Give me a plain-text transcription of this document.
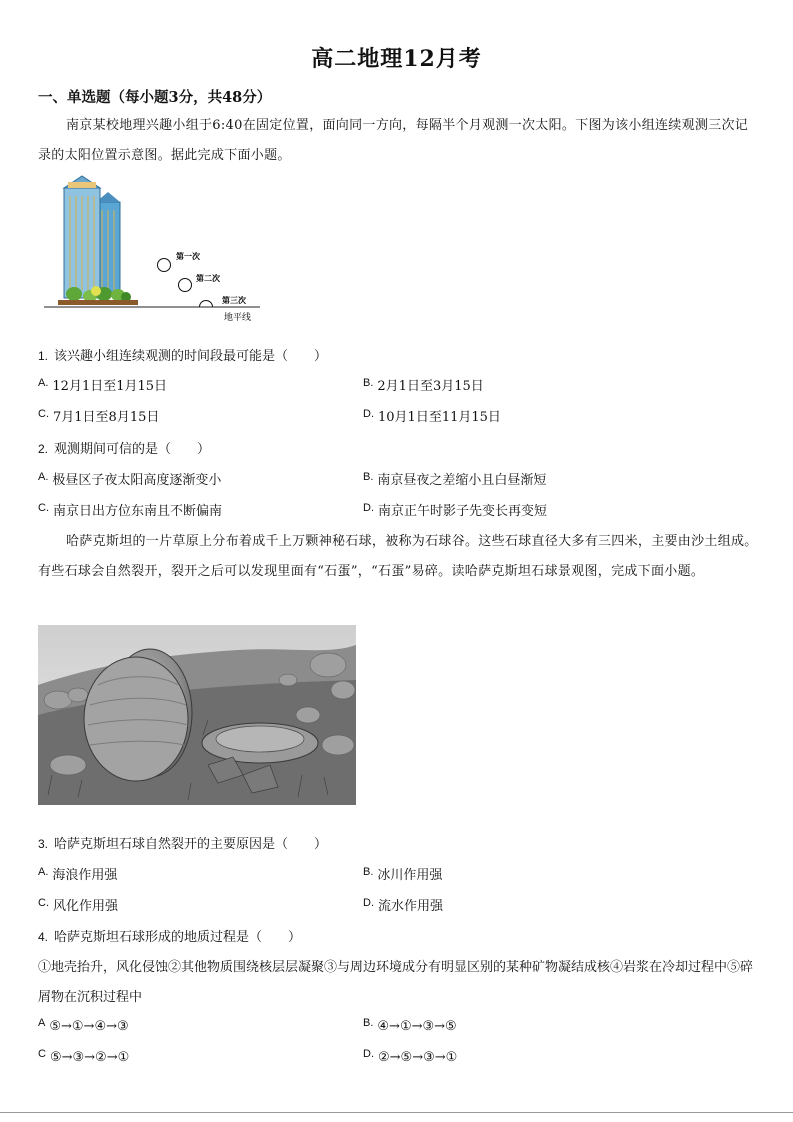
高二地理12月考
一、单选题（每小题3分，共48分）
南京某校地理兴趣小组于6:40在固定位置，面向同一方向，每隔半个月观测一次太阳。下图为该小组连续观测三次记录的太阳位置示意图。据此完成下面小题。
第一次
第二次
第三次
地平线
1. 该兴趣小组连续观测的时间段最可能是（　　）
$^{A.}$ 12月1日至1月15日	$^{B.}$ 2月1日至3月15日
$^{C.}$ 7月1日至8月15日	$^{D.}$ 10月1日至11月15日
2. 观测期间可信的是（　　）
$^{A.}$ 极昼区子夜太阳高度逐渐变小	$^{B.}$ 南京昼夜之差缩小且白昼渐短
$^{C.}$ 南京日出方位东南且不断偏南	$^{D.}$ 南京正午时影子先变长再变短
哈萨克斯坦的一片草原上分布着成千上万颗神秘石球，被称为石球谷。这些石球直径大多有三四米，主要由沙土组成。有些石球会自然裂开，裂开之后可以发现里面有“石蛋”，“石蛋”易碎。读哈萨克斯坦石球景观图，完成下面小题。
3. 哈萨克斯坦石球自然裂开的主要原因是（　　）
$^{A.}$ 海浪作用强	$^{B.}$ 冰川作用强
$^{C.}$ 风化作用强	$^{D.}$ 流水作用强
4. 哈萨克斯坦石球形成的地质过程是（　　）
①地壳抬升，风化侵蚀②其他物质围绕核层层凝聚③与周边环境成分有明显区别的某种矿物凝结成核④岩浆在冷却过程中⑤碎屑物在沉积过程中
$^A$ ⑤→①→④→③	$^{B.}$ ④→①→③→⑤
$^C$ ⑤→③→②→①	$^{D.}$ ②→⑤→③→①
